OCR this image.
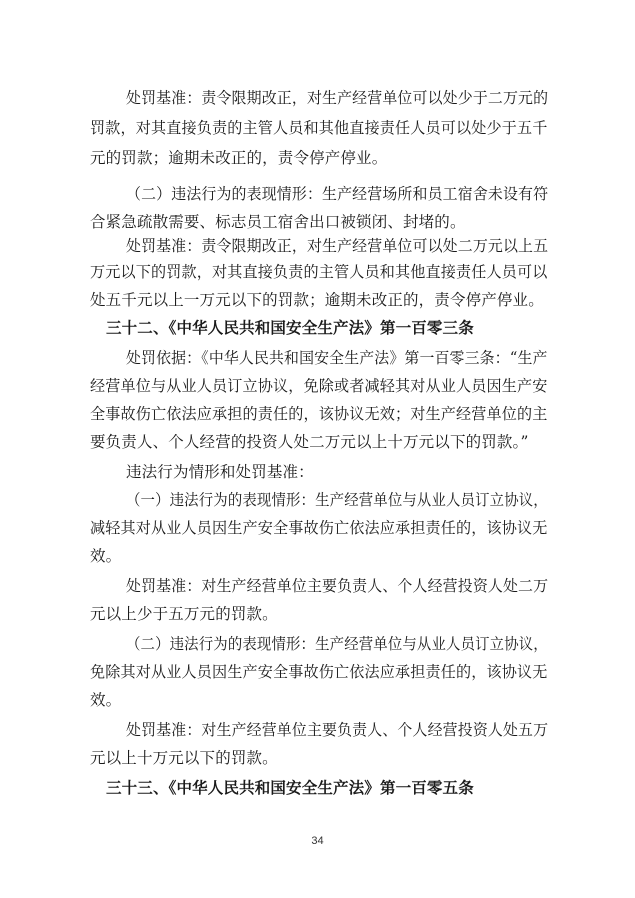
处罚基准：责令限期改正，对生产经营单位可以处少于二万元的
罚款，对其直接负责的主管人员和其他直接责任人员可以处少于五千
元的罚款；逾期未改正的，责令停产停业。
（二）违法行为的表现情形：生产经营场所和员工宿舍未设有符
合紧急疏散需要、标志员工宿舍出口被锁闭、封堵的。
处罚基准：责令限期改正，对生产经营单位可以处二万元以上五
万元以下的罚款，对其直接负责的主管人员和其他直接责任人员可以
处五千元以上一万元以下的罚款；逾期未改正的，责令停产停业。
三十二、《中华人民共和国安全生产法》第一百零三条
处罚依据：《中华人民共和国安全生产法》第一百零三条：“生产
经营单位与从业人员订立协议，免除或者减轻其对从业人员因生产安
全事故伤亡依法应承担的责任的，该协议无效；对生产经营单位的主
要负责人、个人经营的投资人处二万元以上十万元以下的罚款。”
违法行为情形和处罚基准：
（一）违法行为的表现情形：生产经营单位与从业人员订立协议，
减轻其对从业人员因生产安全事故伤亡依法应承担责任的，该协议无
效。
处罚基准：对生产经营单位主要负责人、个人经营投资人处二万
元以上少于五万元的罚款。
（二）违法行为的表现情形：生产经营单位与从业人员订立协议，
免除其对从业人员因生产安全事故伤亡依法应承担责任的，该协议无
效。
处罚基准：对生产经营单位主要负责人、个人经营投资人处五万
元以上十万元以下的罚款。
三十三、《中华人民共和国安全生产法》第一百零五条
34
